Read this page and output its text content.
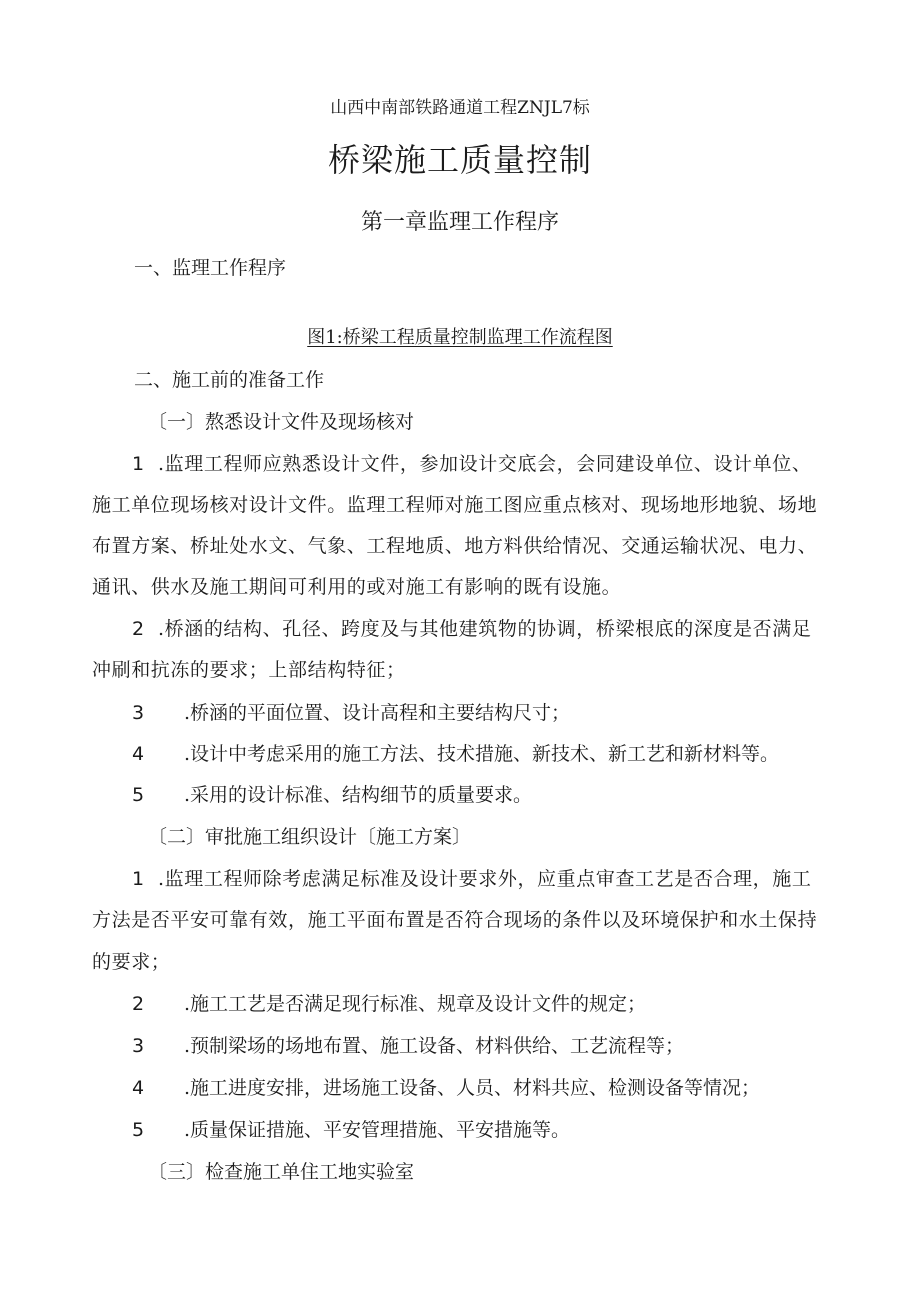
山西中南部铁路通道工程ZNJL7标
桥梁施工质量控制
第一章监理工作程序
一、监理工作程序
图1:桥梁工程质量控制监理工作流程图
二、施工前的准备工作
〔一〕熬悉设计文件及现场核对
1 .监理工程师应熟悉设计文件，参加设计交底会，会同建设单位、设计单位、
施工单位现场核对设计文件。监理工程师对施工图应重点核对、现场地形地貌、场地
布置方案、桥址处水文、气象、工程地质、地方料供给情况、交通运输状况、电力、
通讯、供水及施工期间可利用的或对施工有影响的既有设施。
2 .桥涵的结构、孔径、跨度及与其他建筑物的协调，桥梁根底的深度是否满足
冲刷和抗冻的要求；上部结构特征；
3 .桥涵的平面位置、设计高程和主要结构尺寸；
4 .设计中考虑采用的施工方法、技术措施、新技术、新工艺和新材料等。
5 .采用的设计标准、结构细节的质量要求。
〔二〕审批施工组织设计〔施工方案〕
1 .监理工程师除考虑满足标准及设计要求外，应重点审查工艺是否合理，施工
方法是否平安可靠有效，施工平面布置是否符合现场的条件以及环境保护和水土保持
的要求；
2 .施工工艺是否满足现行标准、规章及设计文件的规定；
3 .预制梁场的场地布置、施工设备、材料供给、工艺流程等；
4 .施工进度安排，进场施工设备、人员、材料共应、检测设备等情况；
5 .质量保证措施、平安管理措施、平安措施等。
〔三〕检查施工单住工地实验室
